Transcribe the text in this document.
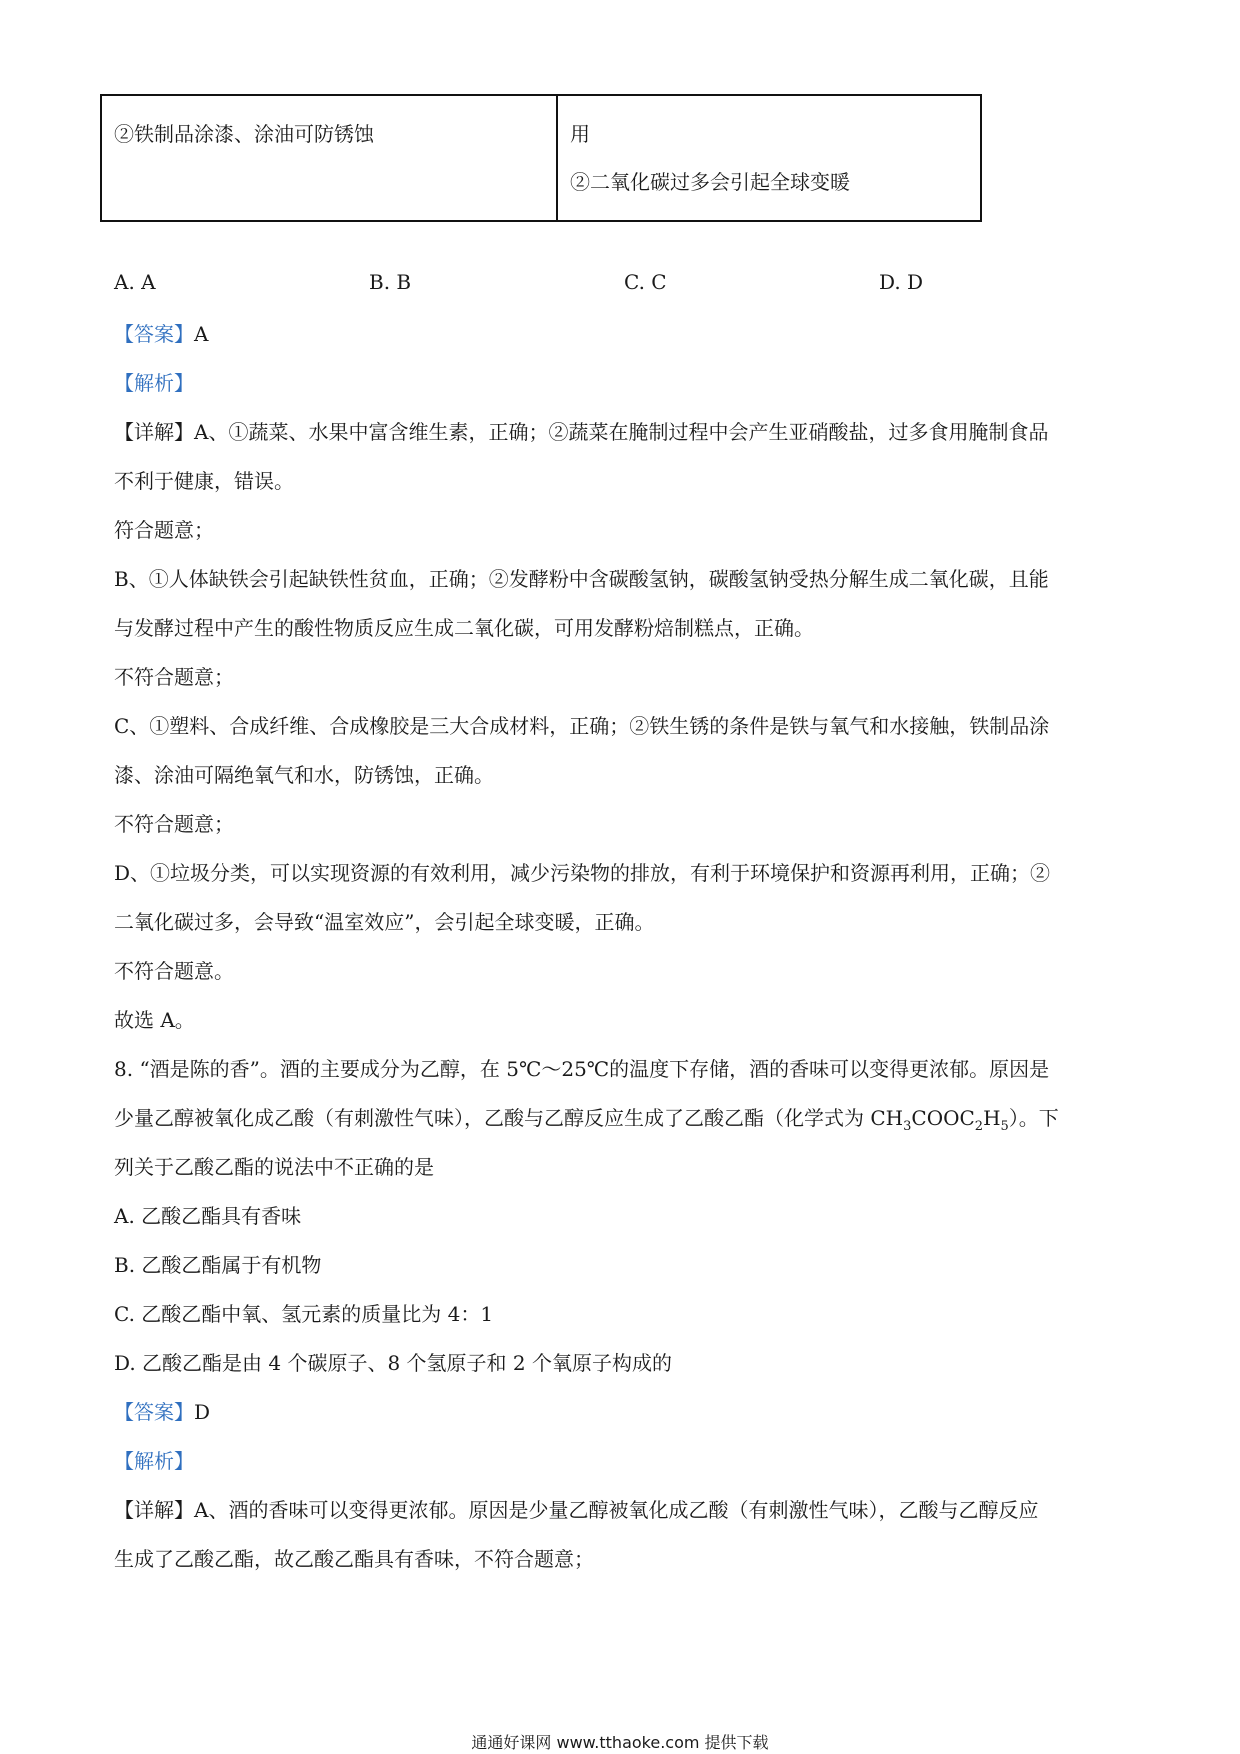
②铁制品涂漆、涂油可防锈蚀	用
②二氧化碳过多会引起全球变暖
A. A	B. B	C. C	D. D
【答案】A
【解析】
【详解】A、①蔬菜、水果中富含维生素，正确；②蔬菜在腌制过程中会产生亚硝酸盐，过多食用腌制食品
不利于健康，错误。
符合题意；
B、①人体缺铁会引起缺铁性贫血，正确；②发酵粉中含碳酸氢钠，碳酸氢钠受热分解生成二氧化碳，且能
与发酵过程中产生的酸性物质反应生成二氧化碳，可用发酵粉焙制糕点，正确。
不符合题意；
C、①塑料、合成纤维、合成橡胶是三大合成材料，正确；②铁生锈的条件是铁与氧气和水接触，铁制品涂
漆、涂油可隔绝氧气和水，防锈蚀，正确。
不符合题意；
D、①垃圾分类，可以实现资源的有效利用，减少污染物的排放，有利于环境保护和资源再利用，正确；②
二氧化碳过多，会导致“温室效应”，会引起全球变暖，正确。
不符合题意。
故选 A。
8. “酒是陈的香”。酒的主要成分为乙醇，在 5℃～25℃的温度下存储，酒的香味可以变得更浓郁。原因是
少量乙醇被氧化成乙酸（有刺激性气味），乙酸与乙醇反应生成了乙酸乙酯（化学式为 $CH_3COOC_2H_5$）。下
列关于乙酸乙酯的说法中不正确的是
A. 乙酸乙酯具有香味
B. 乙酸乙酯属于有机物
C. 乙酸乙酯中氧、氢元素的质量比为 4：1
D. 乙酸乙酯是由 4 个碳原子、8 个氢原子和 2 个氧原子构成的
【答案】D
【解析】
【详解】A、酒的香味可以变得更浓郁。原因是少量乙醇被氧化成乙酸（有刺激性气味），乙酸与乙醇反应
生成了乙酸乙酯，故乙酸乙酯具有香味，不符合题意；
通通好课网 www.tthaoke.com 提供下载
